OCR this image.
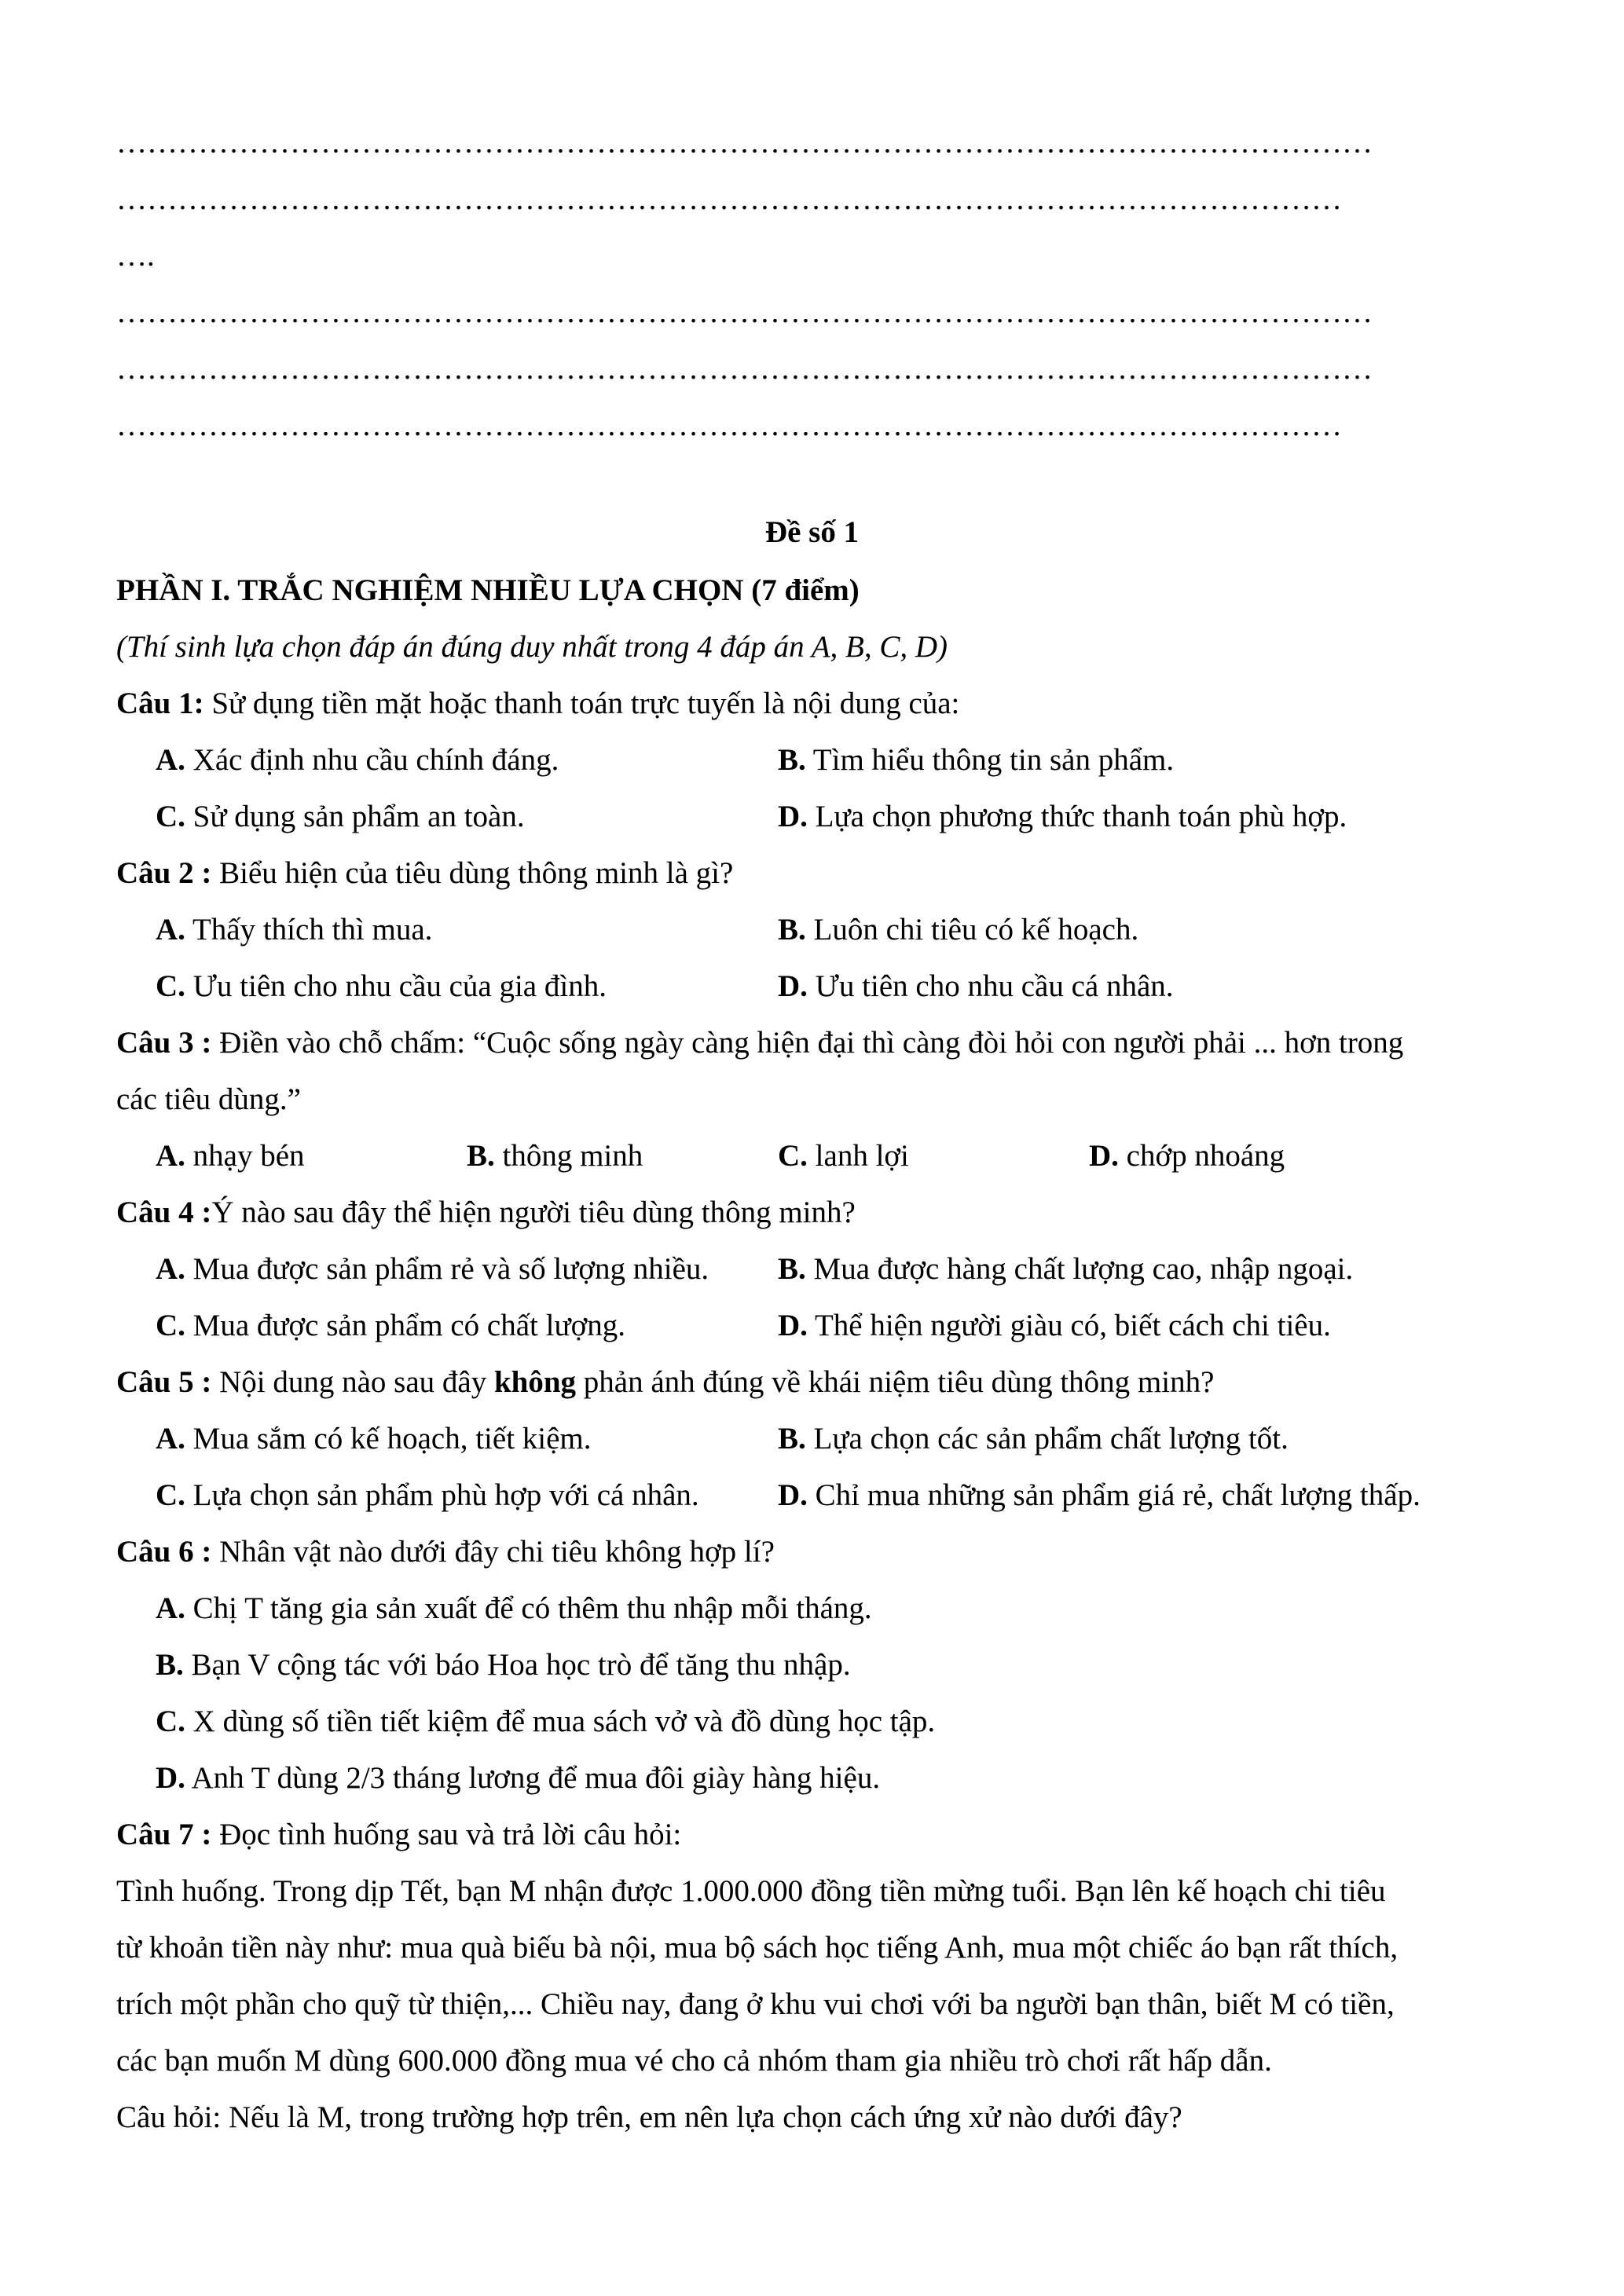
……………………………………………………………………………………………………………
…………………………………………………………………………………………………………
….
……………………………………………………………………………………………………………
……………………………………………………………………………………………………………
…………………………………………………………………………………………………………
Đề số 1
PHẦN I. TRẮC NGHIỆM NHIỀU LỰA CHỌN (7 điểm)
(Thí sinh lựa chọn đáp án đúng duy nhất trong 4 đáp án A, B, C, D)
Câu 1: Sử dụng tiền mặt hoặc thanh toán trực tuyến là nội dung của:
A. Xác định nhu cầu chính đáng.	B. Tìm hiểu thông tin sản phẩm.
C. Sử dụng sản phẩm an toàn.	D. Lựa chọn phương thức thanh toán phù hợp.
Câu 2 : Biểu hiện của tiêu dùng thông minh là gì?
A. Thấy thích thì mua.	B. Luôn chi tiêu có kế hoạch.
C. Ưu tiên cho nhu cầu của gia đình.	D. Ưu tiên cho nhu cầu cá nhân.
Câu 3 : Điền vào chỗ chấm: “Cuộc sống ngày càng hiện đại thì càng đòi hỏi con người phải ... hơn trong
các tiêu dùng.”
A. nhạy bén	B. thông minh	C. lanh lợi	D. chớp nhoáng
Câu 4 :Ý nào sau đây thể hiện người tiêu dùng thông minh?
A. Mua được sản phẩm rẻ và số lượng nhiều. B. Mua được hàng chất lượng cao, nhập ngoại.
C. Mua được sản phẩm có chất lượng.	D. Thể hiện người giàu có, biết cách chi tiêu.
Câu 5 : Nội dung nào sau đây không phản ánh đúng về khái niệm tiêu dùng thông minh?
A. Mua sắm có kế hoạch, tiết kiệm.	B. Lựa chọn các sản phẩm chất lượng tốt.
C. Lựa chọn sản phẩm phù hợp với cá nhân.	D. Chỉ mua những sản phẩm giá rẻ, chất lượng thấp.
Câu 6 : Nhân vật nào dưới đây chi tiêu không hợp lí?
A. Chị T tăng gia sản xuất để có thêm thu nhập mỗi tháng.
B. Bạn V cộng tác với báo Hoa học trò để tăng thu nhập.
C. X dùng số tiền tiết kiệm để mua sách vở và đồ dùng học tập.
D. Anh T dùng 2/3 tháng lương để mua đôi giày hàng hiệu.
Câu 7 : Đọc tình huống sau và trả lời câu hỏi:
Tình huống. Trong dịp Tết, bạn M nhận được 1.000.000 đồng tiền mừng tuổi. Bạn lên kế hoạch chi tiêu
từ khoản tiền này như: mua quà biếu bà nội, mua bộ sách học tiếng Anh, mua một chiếc áo bạn rất thích,
trích một phần cho quỹ từ thiện,... Chiều nay, đang ở khu vui chơi với ba người bạn thân, biết M có tiền,
các bạn muốn M dùng 600.000 đồng mua vé cho cả nhóm tham gia nhiều trò chơi rất hấp dẫn.
Câu hỏi: Nếu là M, trong trường hợp trên, em nên lựa chọn cách ứng xử nào dưới đây?
